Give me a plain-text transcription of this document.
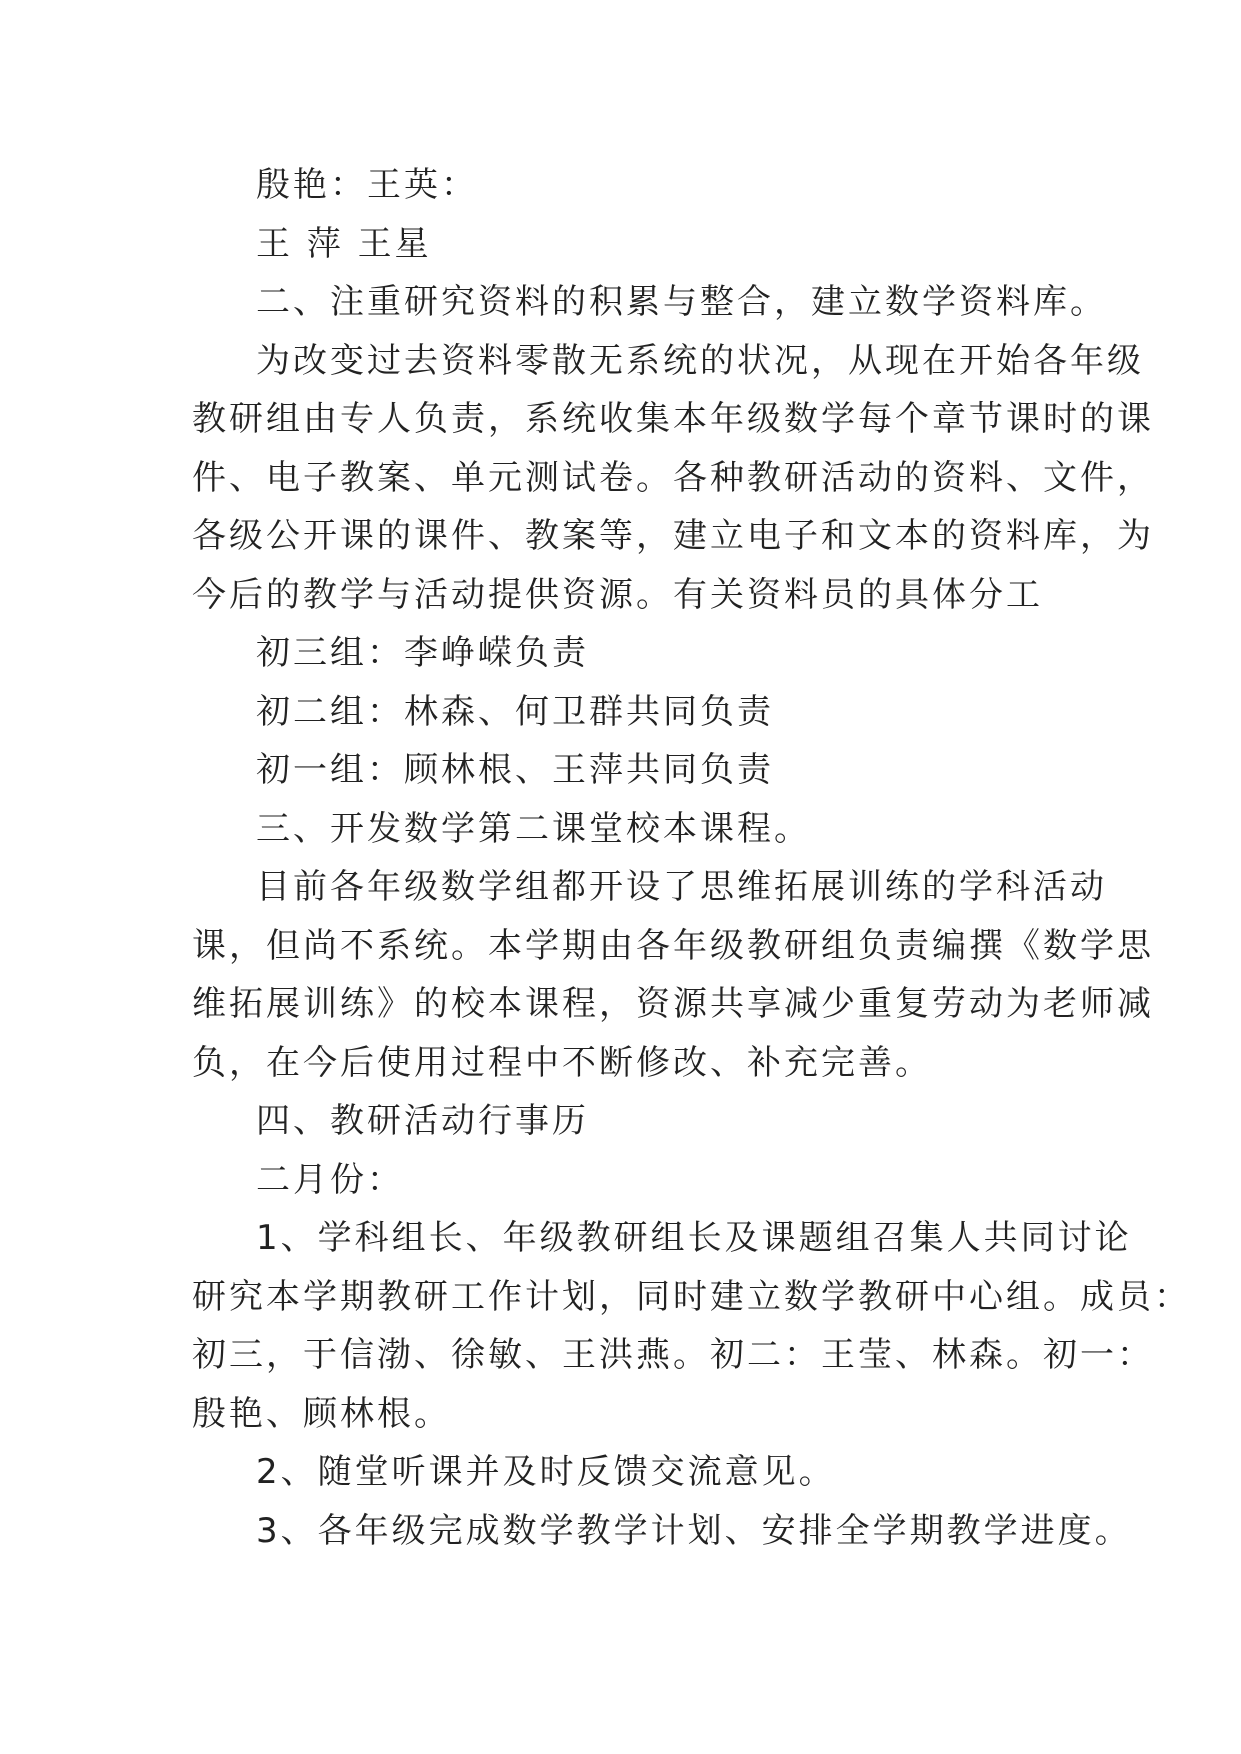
殷艳：王英：
王 萍 王星
二、注重研究资料的积累与整合，建立数学资料库。
为改变过去资料零散无系统的状况，从现在开始各年级
教研组由专人负责，系统收集本年级数学每个章节课时的课
件、电子教案、单元测试卷。各种教研活动的资料、文件，
各级公开课的课件、教案等，建立电子和文本的资料库，为
今后的教学与活动提供资源。有关资料员的具体分工
初三组：李峥嵘负责
初二组：林森、何卫群共同负责
初一组：顾林根、王萍共同负责
三、开发数学第二课堂校本课程。
目前各年级数学组都开设了思维拓展训练的学科活动
课，但尚不系统。本学期由各年级教研组负责编撰《数学思
维拓展训练》的校本课程，资源共享减少重复劳动为老师减
负，在今后使用过程中不断修改、补充完善。
四、教研活动行事历
二月份：
1、学科组长、年级教研组长及课题组召集人共同讨论
研究本学期教研工作计划，同时建立数学教研中心组。成员：
初三，于信渤、徐敏、王洪燕。初二：王莹、林森。初一：
殷艳、顾林根。
2、随堂听课并及时反馈交流意见。
3、各年级完成数学教学计划、安排全学期教学进度。
